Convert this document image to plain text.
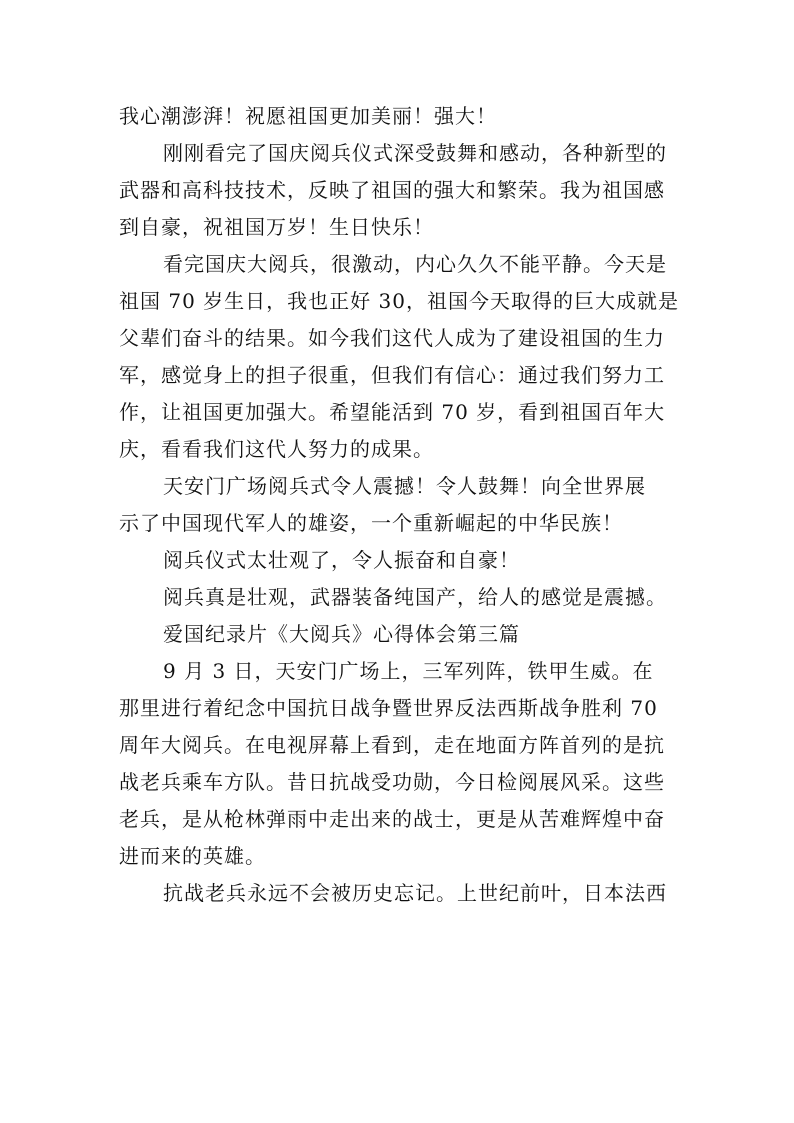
我心潮澎湃！祝愿祖国更加美丽！强大！
刚刚看完了国庆阅兵仪式深受鼓舞和感动，各种新型的
武器和高科技技术，反映了祖国的强大和繁荣。我为祖国感
到自豪，祝祖国万岁！生日快乐！
看完国庆大阅兵，很激动，内心久久不能平静。今天是
祖国 70 岁生日，我也正好 30，祖国今天取得的巨大成就是
父辈们奋斗的结果。如今我们这代人成为了建设祖国的生力
军，感觉身上的担子很重，但我们有信心：通过我们努力工
作，让祖国更加强大。希望能活到 70 岁，看到祖国百年大
庆，看看我们这代人努力的成果。
天安门广场阅兵式令人震撼！令人鼓舞！向全世界展
示了中国现代军人的雄姿，一个重新崛起的中华民族！
阅兵仪式太壮观了，令人振奋和自豪！
阅兵真是壮观，武器装备纯国产，给人的感觉是震撼。
爱国纪录片《大阅兵》心得体会第三篇
9 月 3 日，天安门广场上，三军列阵，铁甲生威。在
那里进行着纪念中国抗日战争暨世界反法西斯战争胜利 70
周年大阅兵。在电视屏幕上看到，走在地面方阵首列的是抗
战老兵乘车方队。昔日抗战受功勋，今日检阅展风采。这些
老兵，是从枪林弹雨中走出来的战士，更是从苦难辉煌中奋
进而来的英雄。
抗战老兵永远不会被历史忘记。上世纪前叶，日本法西
